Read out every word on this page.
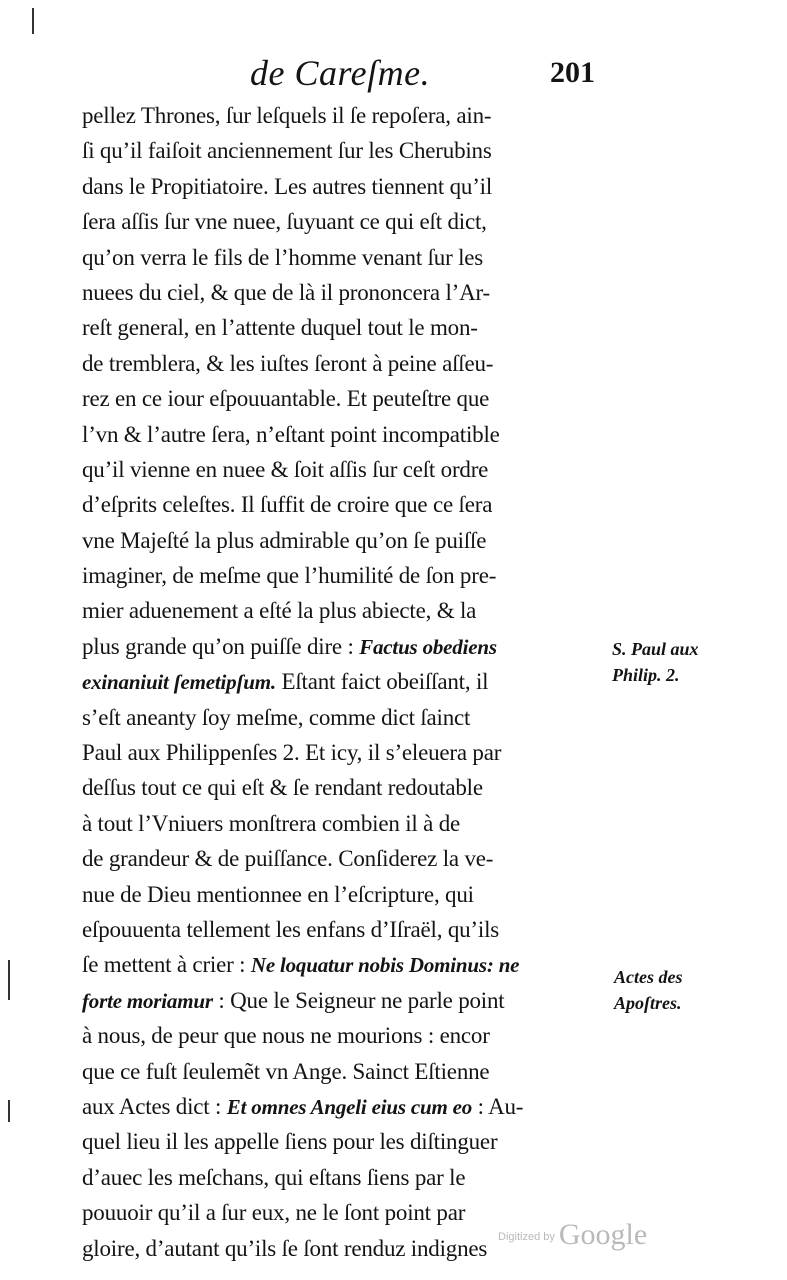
de Careſme.	201
pellez Thrones, ſur leſquels il ſe repoſera, ain-
ſi qu’il faiſoit anciennement ſur les Cherubins
dans le Propitiatoire. Les autres tiennent qu’il
ſera aſſis ſur vne nuee, ſuyuant ce qui eſt dict,
qu’on verra le fils de l’homme venant ſur les
nuees du ciel, & que de là il prononcera l’Ar-
reſt general, en l’attente duquel tout le mon-
de tremblera, & les iuſtes ſeront à peine aſſeu-
rez en ce iour eſpouuantable. Et peuteſtre que
l’vn & l’autre ſera, n’eſtant point incompatible
qu’il vienne en nuee & ſoit aſſis ſur ceſt ordre
d’eſprits celeſtes. Il ſuffit de croire que ce ſera
vne Majeſté la plus admirable qu’on ſe puiſſe
imaginer, de meſme que l’humilité de ſon pre-
mier aduenement a eſté la plus abiecte, & la
plus grande qu’on puiſſe dire : Factus obediens
exinaniuit ſemetipſum. Eſtant faict obeiſſant, il
s’eſt aneanty ſoy meſme, comme dict ſainct
Paul aux Philippenſes 2. Et icy, il s’eleuera par
deſſus tout ce qui eſt & ſe rendant redoutable
à tout l’Vniuers monſtrera combien il à de
de grandeur & de puiſſance. Conſiderez la ve-
nue de Dieu mentionnee en l’eſcripture, qui
eſpouuenta tellement les enfans d’Iſraël, qu’ils
ſe mettent à crier : Ne loquatur nobis Dominus: ne
forte moriamur : Que le Seigneur ne parle point
à nous, de peur que nous ne mourions : encor
que ce fuſt ſeulemẽt vn Ange. Sainct Eſtienne
aux Actes dict : Et omnes Angeli eius cum eo : Au-
quel lieu il les appelle ſiens pour les diſtinguer
d’auec les meſchans, qui eſtans ſiens par le
pouuoir qu’il a ſur eux, ne le ſont point par
gloire, d’autant qu’ils ſe ſont renduz indignes
S. Paul aux
Philip. 2.
Actes des
Apoſtres.
$^{Digitized by}$ Google
